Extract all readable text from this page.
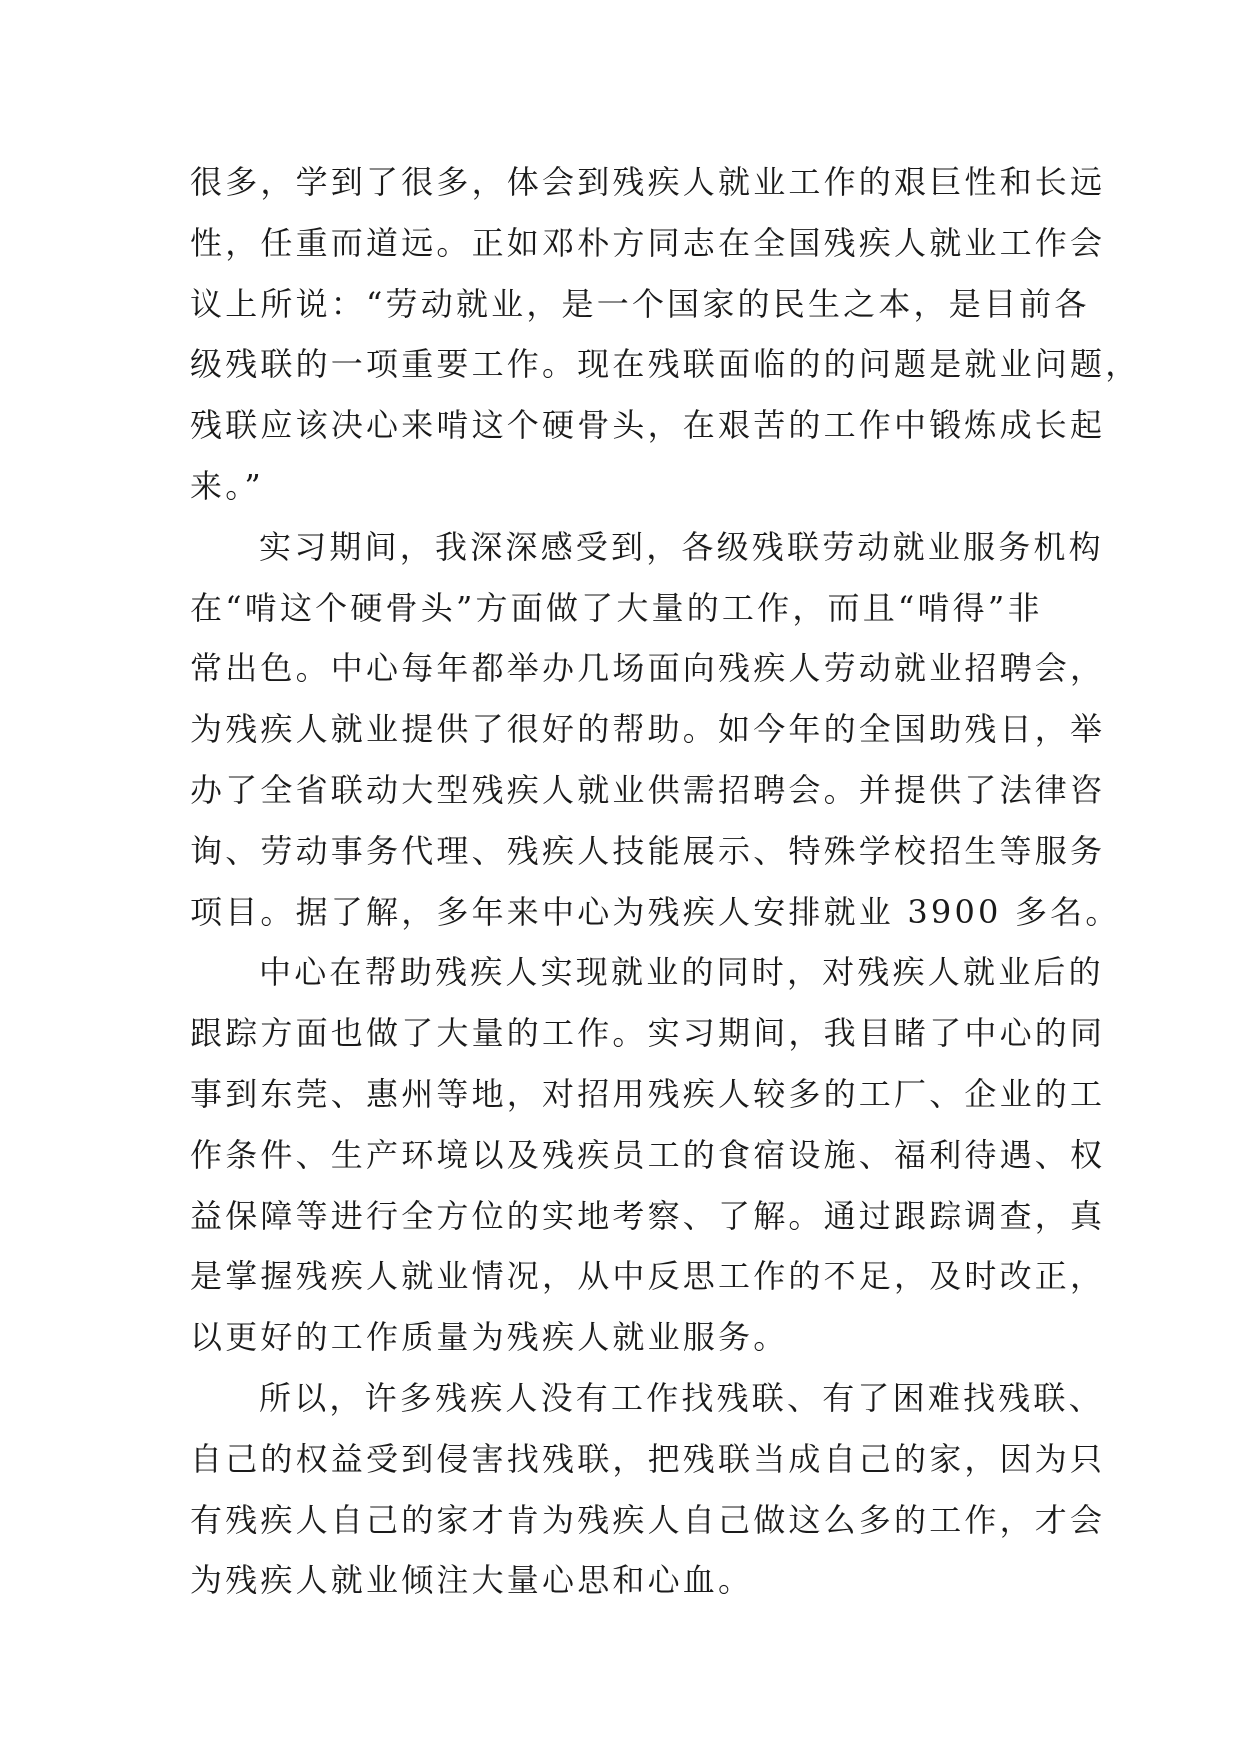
很多，学到了很多，体会到残疾人就业工作的艰巨性和长远
性，任重而道远。正如邓朴方同志在全国残疾人就业工作会
议上所说：“劳动就业，是一个国家的民生之本，是目前各
级残联的一项重要工作。现在残联面临的的问题是就业问题，
残联应该决心来啃这个硬骨头，在艰苦的工作中锻炼成长起
来。”
实习期间，我深深感受到，各级残联劳动就业服务机构
在“啃这个硬骨头”方面做了大量的工作，而且“啃得”非
常出色。中心每年都举办几场面向残疾人劳动就业招聘会，
为残疾人就业提供了很好的帮助。如今年的全国助残日，举
办了全省联动大型残疾人就业供需招聘会。并提供了法律咨
询、劳动事务代理、残疾人技能展示、特殊学校招生等服务
项目。据了解，多年来中心为残疾人安排就业 3900 多名。
中心在帮助残疾人实现就业的同时，对残疾人就业后的
跟踪方面也做了大量的工作。实习期间，我目睹了中心的同
事到东莞、惠州等地，对招用残疾人较多的工厂、企业的工
作条件、生产环境以及残疾员工的食宿设施、福利待遇、权
益保障等进行全方位的实地考察、了解。通过跟踪调查，真
是掌握残疾人就业情况，从中反思工作的不足，及时改正，
以更好的工作质量为残疾人就业服务。
所以，许多残疾人没有工作找残联、有了困难找残联、
自己的权益受到侵害找残联，把残联当成自己的家，因为只
有残疾人自己的家才肯为残疾人自己做这么多的工作，才会
为残疾人就业倾注大量心思和心血。
